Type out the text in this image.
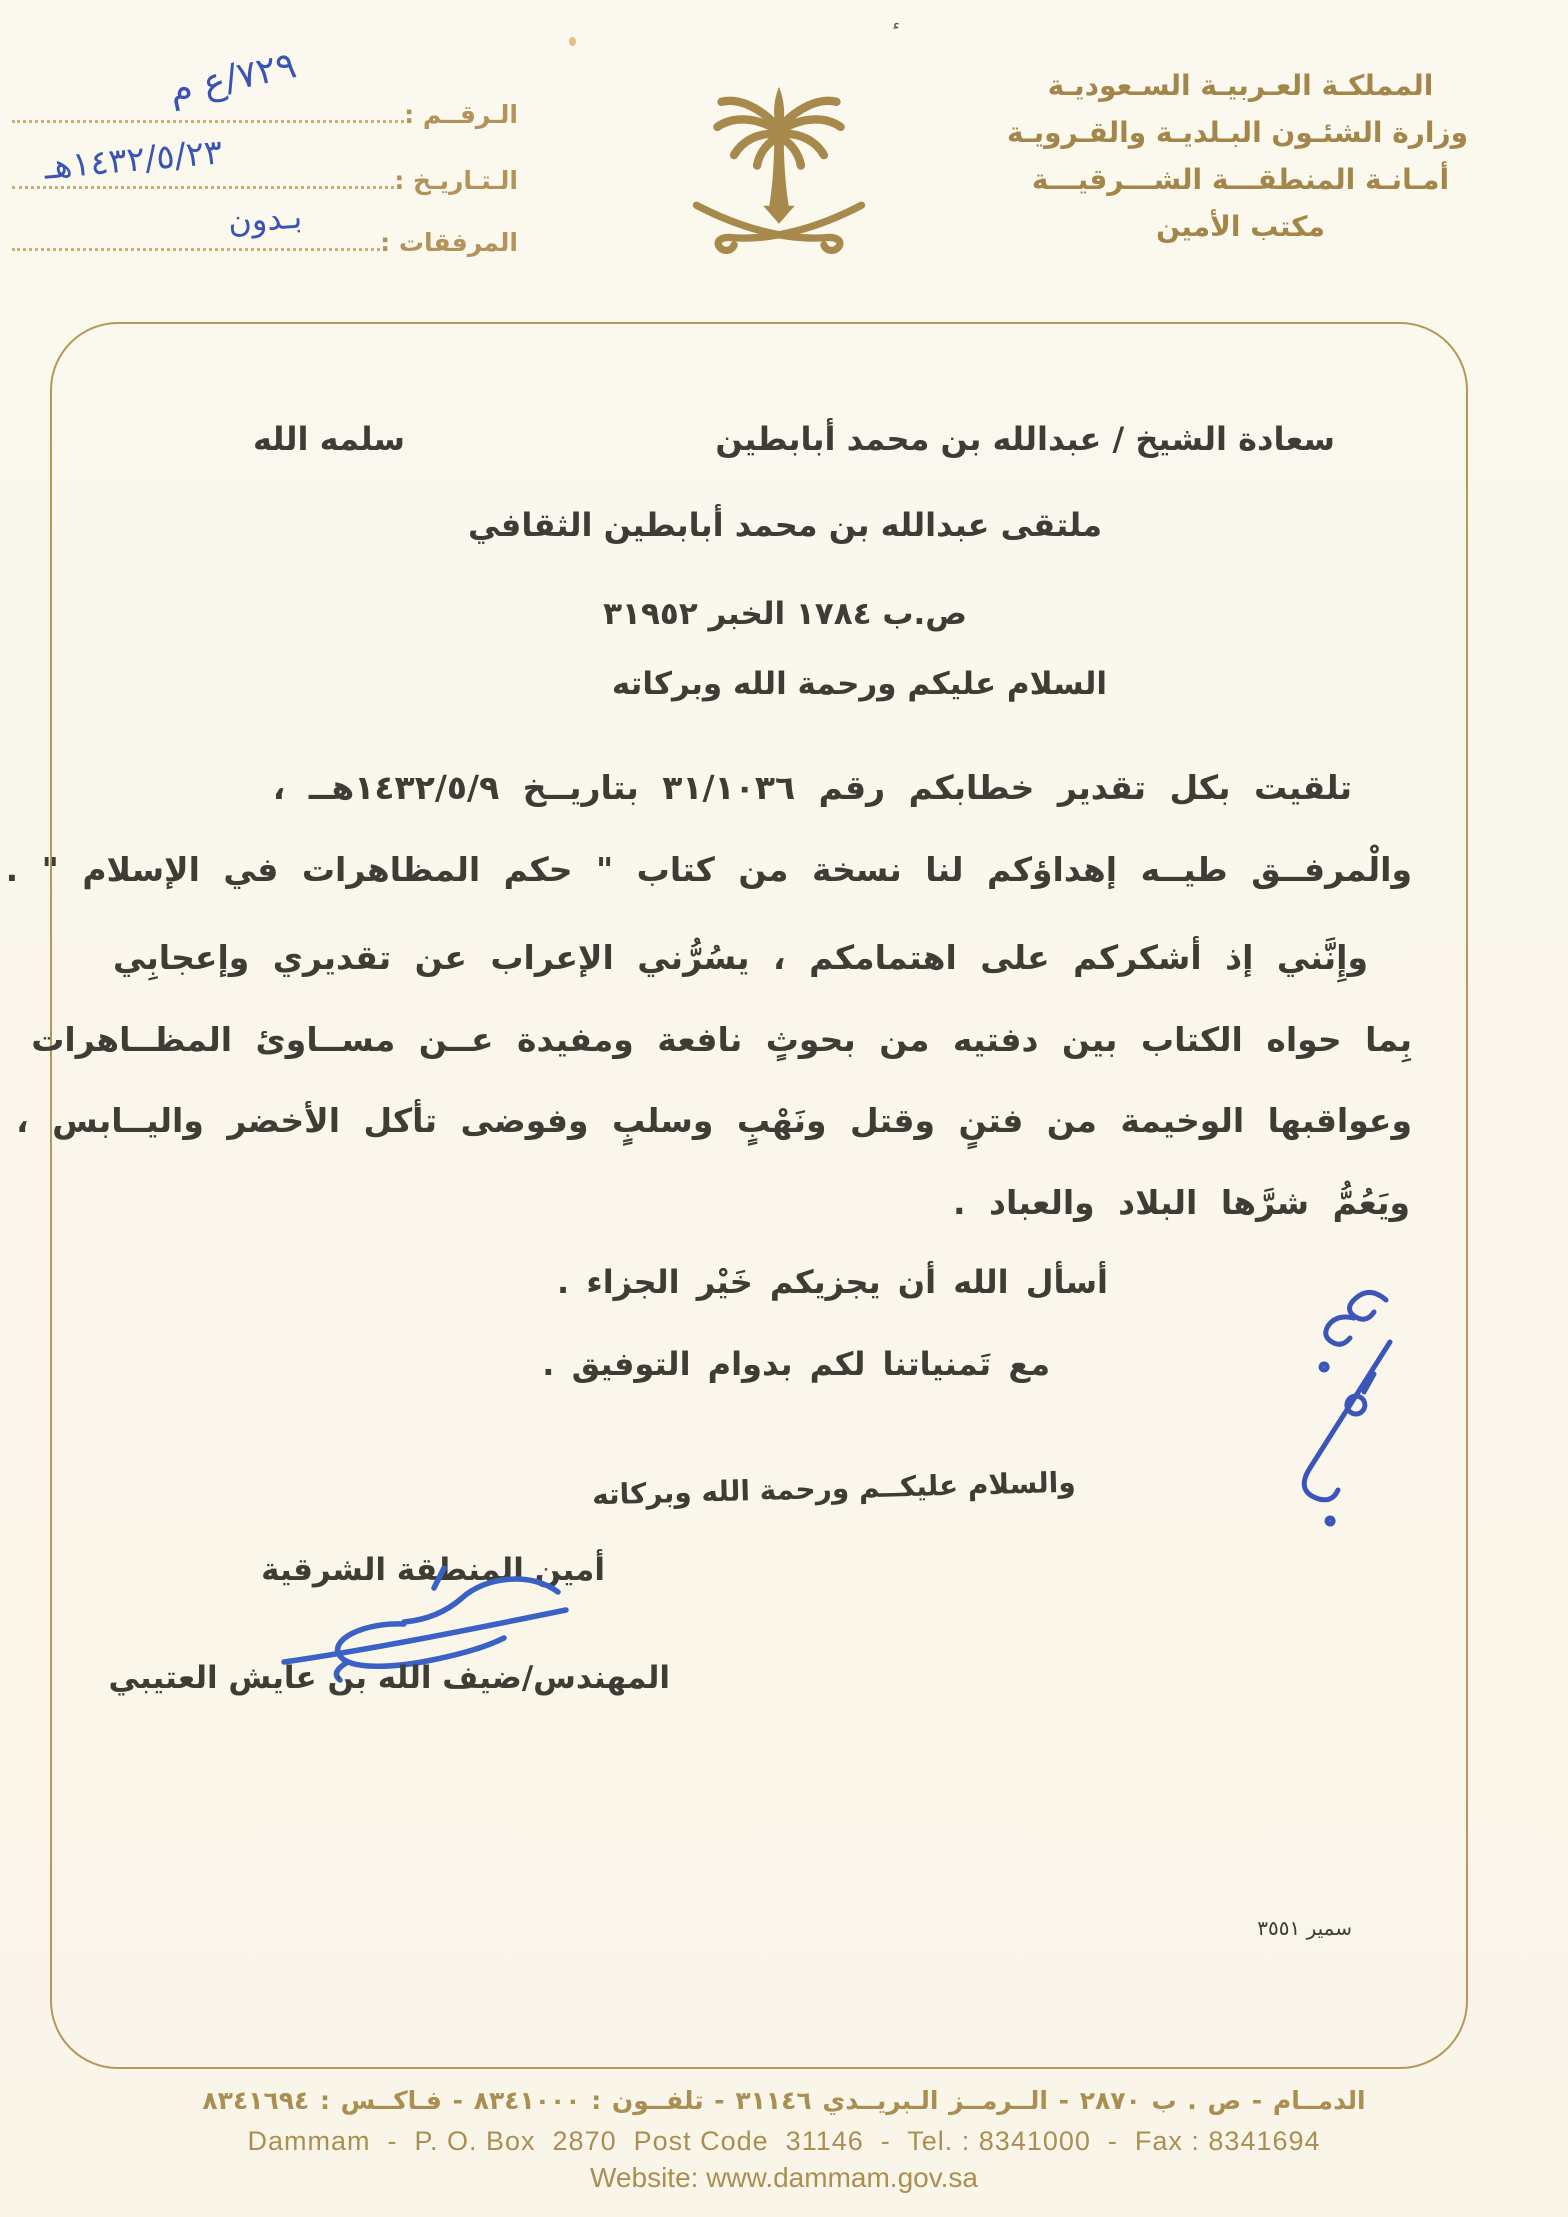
ء
المملكـة العـربيـة السـعوديـة
وزارة الشئـون البـلديـة والقـرويـة
أمـانـة المنطقـــة الشـــرقيـــة
مكتب الأمين
الـرقــم :
الـتـاريـخ :
المرفقات :
٧٢٩/ع م
١٤٣٢/٥/٢٣هـ
بـدون
سعادة الشيخ / عبدالله بن محمد أبابطين
سلمه الله
ملتقى عبدالله بن محمد أبابطين الثقافي
ص.ب ١٧٨٤ الخبر ٣١٩٥٢
السلام عليكم ورحمة الله وبركاته
تلقيت بكل تقدير خطابكم رقم ٣١/١٠٣٦ بتاريــخ ١٤٣٢/٥/٩هــ ،
والْمرفــق طيــه إهداؤكم لنا نسخة من كتاب " حكم المظاهرات في الإسلام " .
وإِنَّني إذ أشكركم على اهتمامكم ، يسُرُّني الإعراب عن تقديري وإعجابِي
بِما حواه الكتاب بين دفتيه من بحوثٍ نافعة ومفيدة عــن مســاوئ المظــاهرات
وعواقبها الوخيمة من فتنٍ وقتل ونَهْبٍ وسلبٍ وفوضى تأكل الأخضر واليــابس ،
ويَعُمُّ شرَّها البلاد والعباد .
أسأل الله أن يجزيكم خَيْر الجزاء .
مع تَمنياتنا لكم بدوام التوفيق .
والسلام عليكــم ورحمة الله وبركاته
أمين المنطقة الشرقية
المهندس/ضيف الله بن عايش العتيبي
سمير ٣٥٥١
الدمــام - ص . ب ٢٨٧٠ - الــرمــز الـبريــدي ٣١١٤٦ - تلفــون : ٨٣٤١٠٠٠ - فـاكــس : ٨٣٤١٦٩٤
Dammam  -  P. O. Box  2870  Post Code  31146  -  Tel. : 8341000  -  Fax : 8341694
Website: www.dammam.gov.sa
